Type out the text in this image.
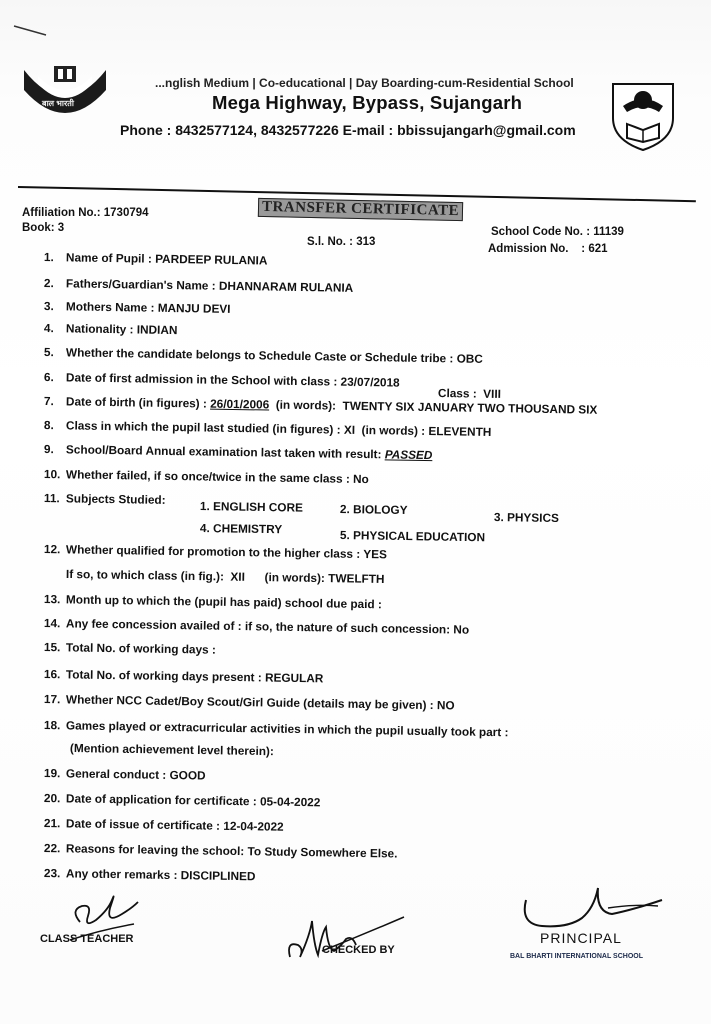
बाल भारती
...nglish Medium | Co-educational | Day Boarding-cum-Residential School
Mega Highway, Bypass, Sujangarh
Phone : 8432577124, 8432577226 E-mail : bbissujangarh@gmail.com
TRANSFER CERTIFICATE
Affiliation No.: 1730794
Book: 3
S.l. No. : 313
School Code No. : 11139
Admission No. : 621
1. Name of Pupil : PARDEEP RULANIA
2. Fathers/Guardian's Name : DHANNARAM RULANIA
3. Mothers Name : MANJU DEVI
4. Nationality : INDIAN
5. Whether the candidate belongs to Schedule Caste or Schedule tribe : OBC
6. Date of first admission in the School with class : 23/07/2018
Class :  VIII
7. Date of birth (in figures) : 26/01/2006 (in words):  TWENTY SIX JANUARY TWO THOUSAND SIX
8. Class in which the pupil last studied (in figures) : XI (in words) : ELEVENTH
9. School/Board Annual examination last taken with result: PASSED
10. Whether failed, if so once/twice in the same class : No
11. Subjects Studied:	1. ENGLISH CORE	2. BIOLOGY
3. PHYSICS
4. CHEMISTRY	5. PHYSICAL EDUCATION
12. Whether qualified for promotion to the higher class : YES
If so, to which class (in fig.):  XII (in words): TWELFTH
13. Month up to which the (pupil has paid) school due paid :
14. Any fee concession availed of : if so, the nature of such concession: No
15. Total No. of working days :
16. Total No. of working days present : REGULAR
17. Whether NCC Cadet/Boy Scout/Girl Guide (details may be given) : NO
18. Games played or extracurricular activities in which the pupil usually took part :
(Mention achievement level therein):
19. General conduct : GOOD
20. Date of application for certificate : 05-04-2022
21. Date of issue of certificate : 12-04-2022
22. Reasons for leaving the school: To Study Somewhere Else.
23. Any other remarks : DISCIPLINED
CLASS TEACHER
CHECKED BY
PRINCIPAL
BAL BHARTI INTERNATIONAL SCHOOL
